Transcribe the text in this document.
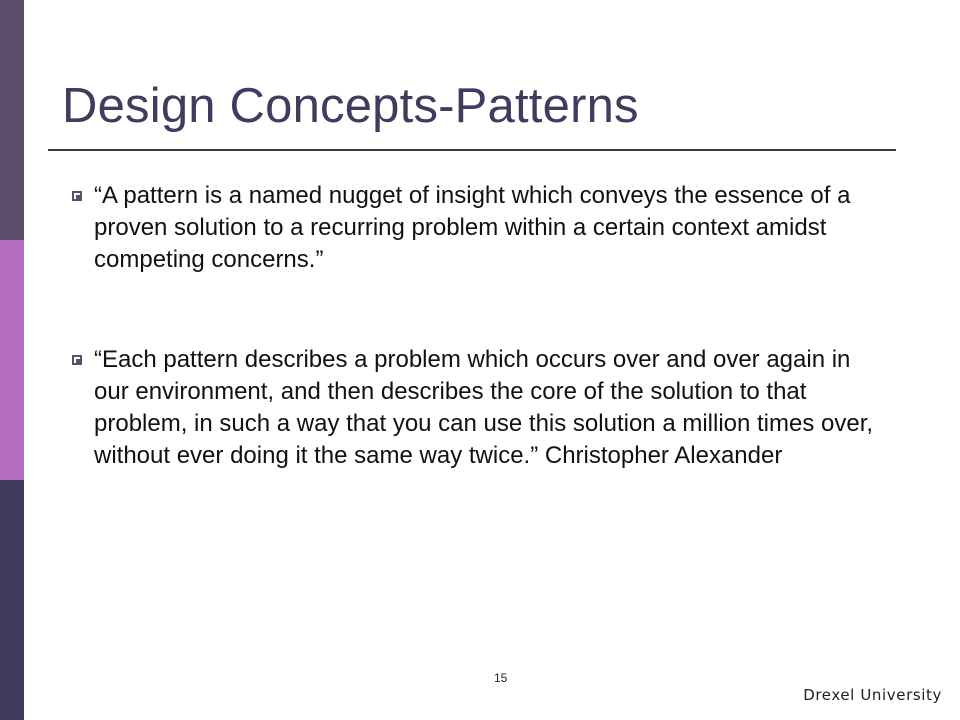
Design Concepts-Patterns
“A pattern is a named nugget of insight which conveys the essence of a proven solution to a recurring problem within a certain context amidst competing concerns.”
“Each pattern describes a problem which occurs over and over again in our environment, and then describes the core of the solution to that problem, in such a way that you can use this solution a million times over, without ever doing it the same way twice.” Christopher Alexander
15
Drexel University
